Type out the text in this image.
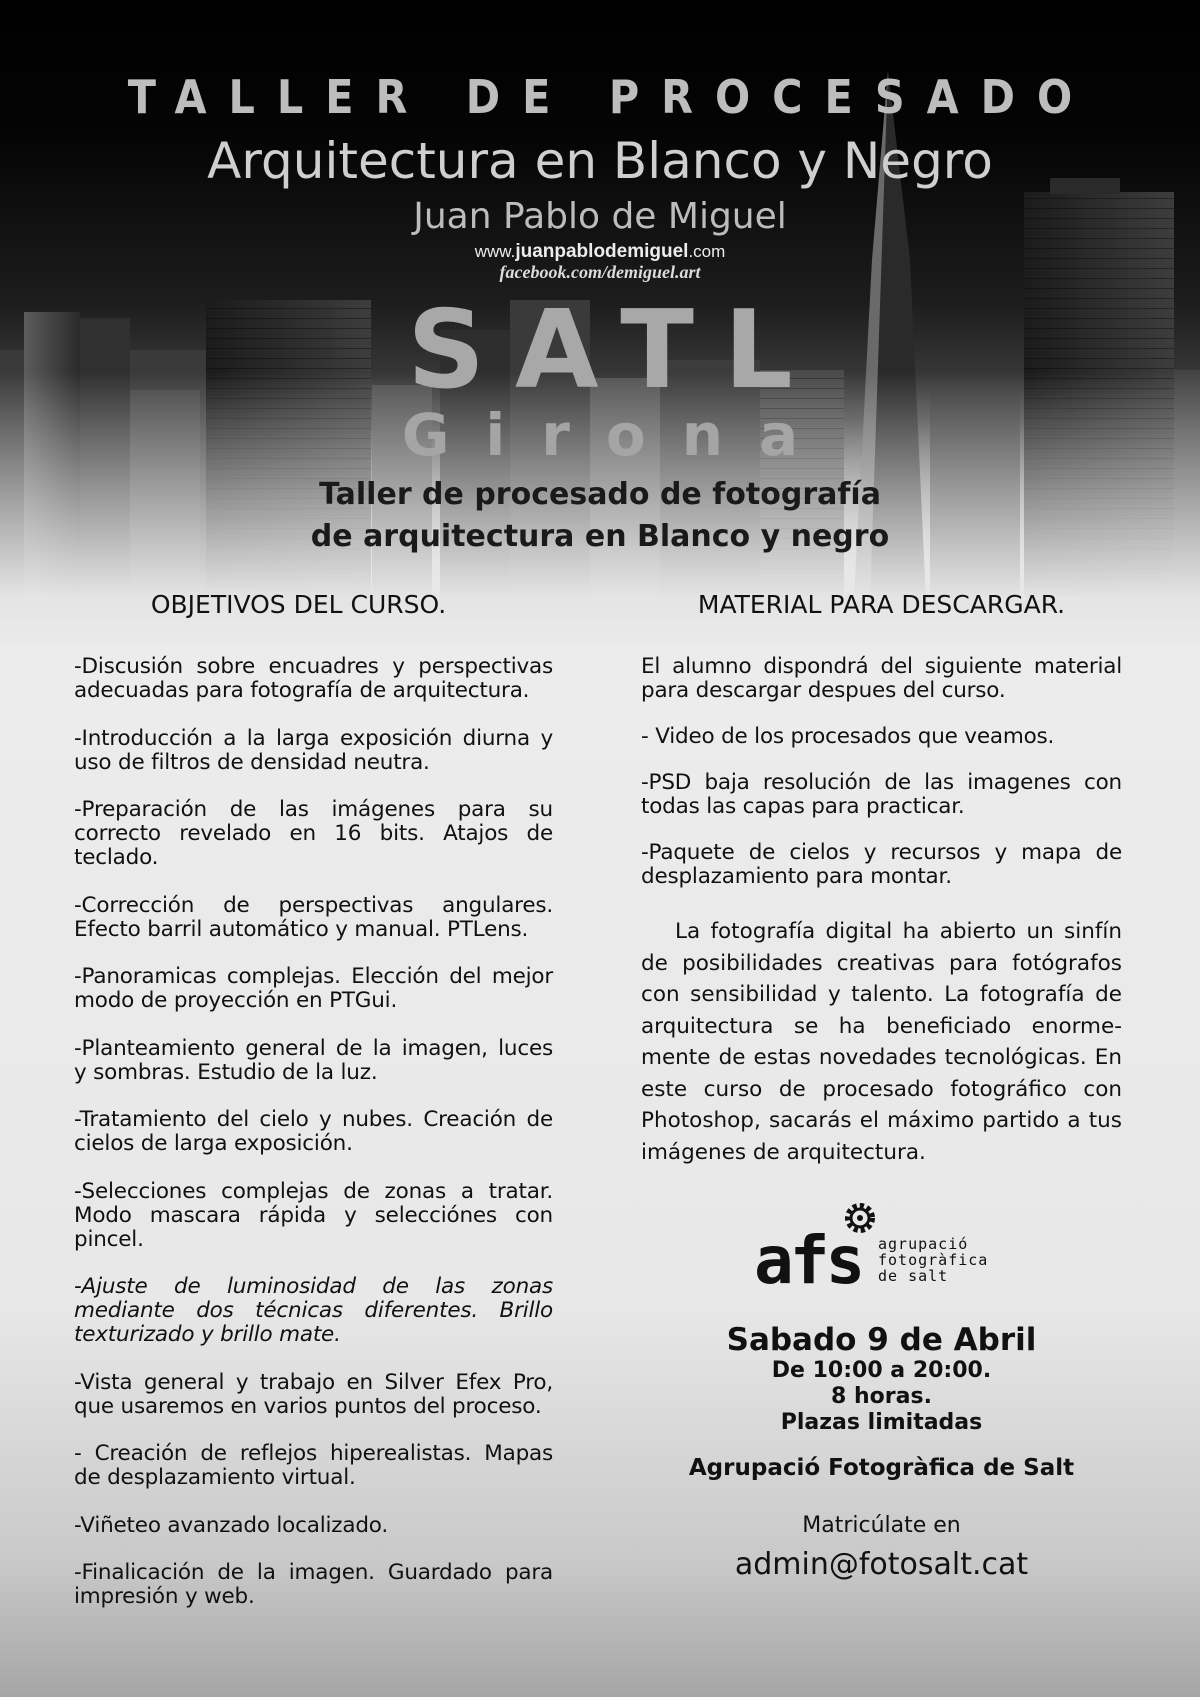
TALLER DE PROCESADO
Arquitectura en Blanco y Negro
Juan Pablo de Miguel
www.juanpablodemiguel.com
facebook.com/demiguel.art
SATL
Girona
Taller de procesado de fotografía
de arquitectura en Blanco y negro
OBJETIVOS DEL CURSO.

-Discusión sobre encuadres y perspectivas adecuadas para fotografía de arquitectura.

-Introducción a la larga exposición diurna y uso de filtros de densidad neutra.

-Preparación de las imágenes para su correcto revelado en 16 bits. Atajos de teclado.

-Corrección de perspectivas angulares. Efecto barril automático y manual. PTLens.

-Panoramicas complejas. Elección del mejor modo de proyección en PTGui.

-Planteamiento general de la imagen, luces y sombras. Estudio de la luz.

-Tratamiento del cielo y nubes. Creación de cielos de larga exposición.

-Selecciones complejas de zonas a tratar. Modo mascara rápida y selecciónes con pincel.

-Ajuste de luminosidad de las zonas mediante dos técnicas diferentes. Brillo texturizado y brillo mate.

-Vista general y trabajo en Silver Efex Pro, que usaremos en varios puntos del proceso.

- Creación de reflejos hiperealistas. Mapas de desplazamiento virtual.

-Viñeteo avanzado localizado.

-Finalicación de la imagen. Guardado para impresión y web.

MATERIAL PARA DESCARGAR.

El alumno dispondrá del siguiente material para descargar despues del curso.

- Video de los procesados que veamos.

-PSD baja resolución de las imagenes con todas las capas para practicar.

-Paquete de cielos y recursos y mapa de desplazamiento para montar.

La fotografía digital ha abierto un sinfín de posibilidades creativas para fotógrafos con sensibilidad y talento. La fotografía de arquitectura se ha beneficiado enorme- mente de estas novedades tecnológicas. En este curso de procesado fotográfico con Photoshop, sacarás el máximo partido a tus imágenes de arquitectura.

afs agrupació
fotogràfica
de salt
Sabado 9 de Abril
De 10:00 a 20:00.
8 horas.
Plazas limitadas
Agrupació Fotogràfica de Salt
Matricúlate en
admin@fotosalt.cat
